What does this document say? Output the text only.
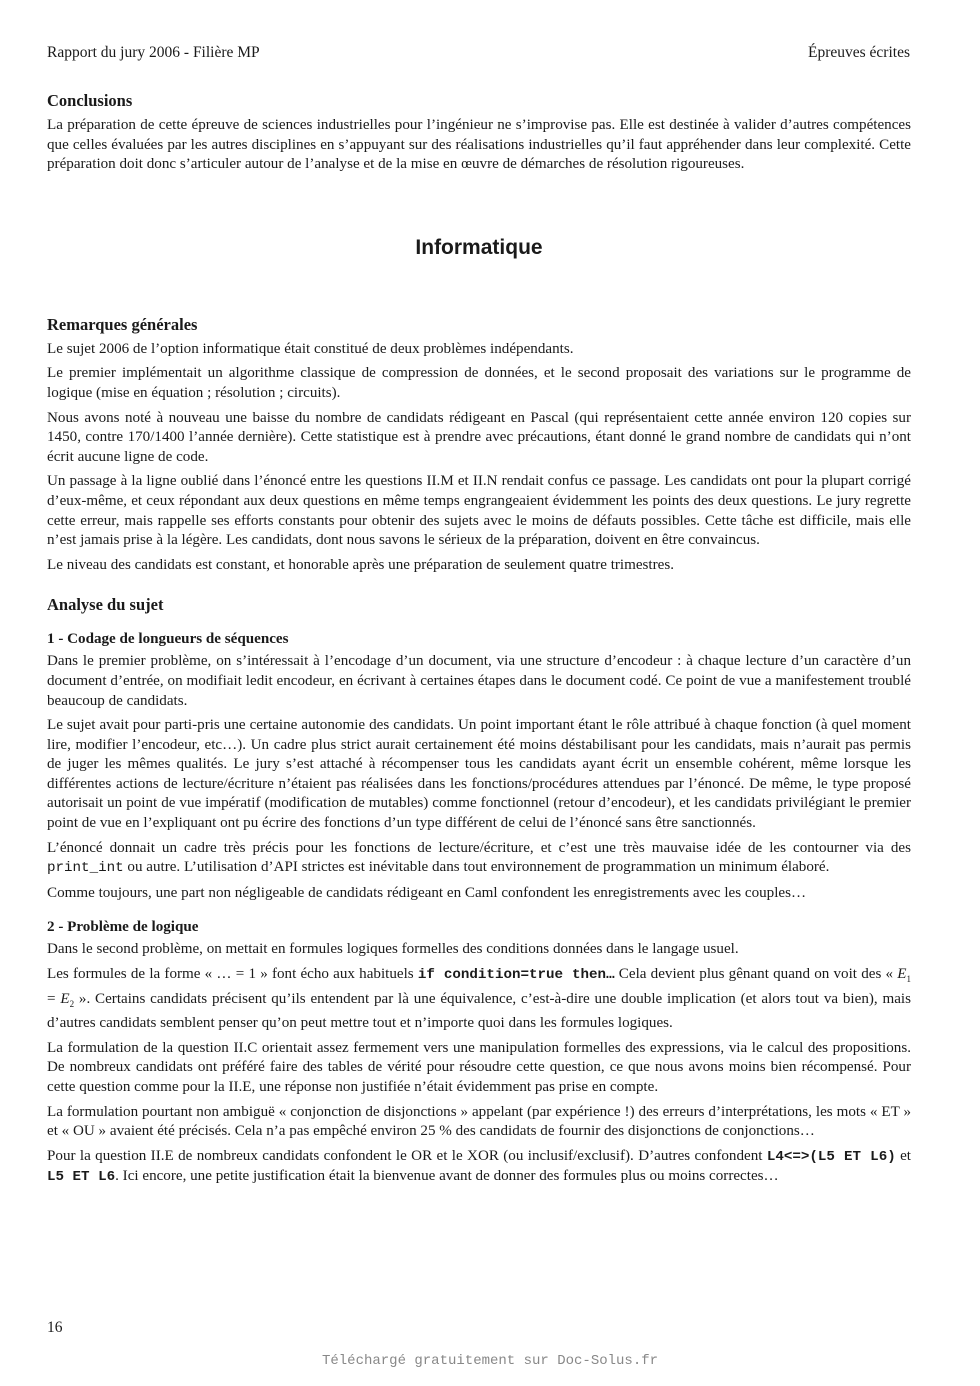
Rapport du jury 2006 - Filière MP	Épreuves écrites
Conclusions

La préparation de cette épreuve de sciences industrielles pour l’ingénieur ne s’improvise pas. Elle est destinée à valider d’autres compétences que celles évaluées par les autres disciplines en s’appuyant sur des réalisations industrielles qu’il faut appréhender dans leur complexité. Cette préparation doit donc s’articuler autour de l’analyse et de la mise en œuvre de démarches de résolution rigoureuses.

Informatique
Remarques générales

Le sujet 2006 de l’option informatique était constitué de deux problèmes indépendants.

Le premier implémentait un algorithme classique de compression de données, et le second proposait des variations sur le programme de logique (mise en équation ; résolution ; circuits).

Nous avons noté à nouveau une baisse du nombre de candidats rédigeant en Pascal (qui représentaient cette année environ 120 copies sur 1450, contre 170/1400 l’année dernière). Cette statistique est à prendre avec précautions, étant donné le grand nombre de candidats qui n’ont écrit aucune ligne de code.

Un passage à la ligne oublié dans l’énoncé entre les questions II.M et II.N rendait confus ce passage. Les candidats ont pour la plupart corrigé d’eux-même, et ceux répondant aux deux questions en même temps engrangeaient évidemment les points des deux questions. Le jury regrette cette erreur, mais rappelle ses efforts constants pour obtenir des sujets avec le moins de défauts possibles. Cette tâche est difficile, mais elle n’est jamais prise à la légère. Les candidats, dont nous savons le sérieux de la préparation, doivent en être convaincus.

Le niveau des candidats est constant, et honorable après une préparation de seulement quatre trimestres.

Analyse du sujet
1 - Codage de longueurs de séquences

Dans le premier problème, on s’intéressait à l’encodage d’un document, via une structure d’encodeur : à chaque lecture d’un caractère d’un document d’entrée, on modifiait ledit encodeur, en écrivant à certaines étapes dans le document codé. Ce point de vue a manifestement troublé beaucoup de candidats.

Le sujet avait pour parti-pris une certaine autonomie des candidats. Un point important étant le rôle attribué à chaque fonction (à quel moment lire, modifier l’encodeur, etc…). Un cadre plus strict aurait certainement été moins déstabilisant pour les candidats, mais n’aurait pas permis de juger les mêmes qualités. Le jury s’est attaché à récompenser tous les candidats ayant écrit un ensemble cohérent, même lorsque les différentes actions de lecture/écriture n’étaient pas réalisées dans les fonctions/procédures attendues par l’énoncé. De même, le type proposé autorisait un point de vue impératif (modification de mutables) comme fonctionnel (retour d’encodeur), et les candidats privilégiant le premier point de vue en l’expliquant ont pu écrire des fonctions d’un type différent de celui de l’énoncé sans être sanctionnés.

L’énoncé donnait un cadre très précis pour les fonctions de lecture/écriture, et c’est une très mauvaise idée de les contourner via des print_int ou autre. L’utilisation d’API strictes est inévitable dans tout environnement de programmation un minimum élaboré.

Comme toujours, une part non négligeable de candidats rédigeant en Caml confondent les enregistrements avec les couples…

2 - Problème de logique

Dans le second problème, on mettait en formules logiques formelles des conditions données dans le langage usuel.

Les formules de la forme « … = 1 » font écho aux habituels if condition=true then… Cela devient plus gênant quand on voit des « $E_1 = E_2$ ». Certains candidats précisent qu’ils entendent par là une équivalence, c’est-à-dire une double implication (et alors tout va bien), mais d’autres candidats semblent penser qu’on peut mettre tout et n’importe quoi dans les formules logiques.

La formulation de la question II.C orientait assez fermement vers une manipulation formelles des expressions, via le calcul des propositions. De nombreux candidats ont préféré faire des tables de vérité pour résoudre cette question, ce que nous avons moins bien récompensé. Pour cette question comme pour la II.E, une réponse non justifiée n’était évidemment pas prise en compte.

La formulation pourtant non ambiguë « conjonction de disjonctions » appelant (par expérience !) des erreurs d’interprétations, les mots « ET » et « OU » avaient été précisés. Cela n’a pas empêché environ 25 % des candidats de fournir des disjonctions de conjonctions…

Pour la question II.E de nombreux candidats confondent le OR et le XOR (ou inclusif/exclusif). D’autres confondent L4<=>(L5 ET L6) et L5 ET L6. Ici encore, une petite justification était la bienvenue avant de donner des formules plus ou moins correctes…

16
Téléchargé gratuitement sur Doc-Solus.fr
